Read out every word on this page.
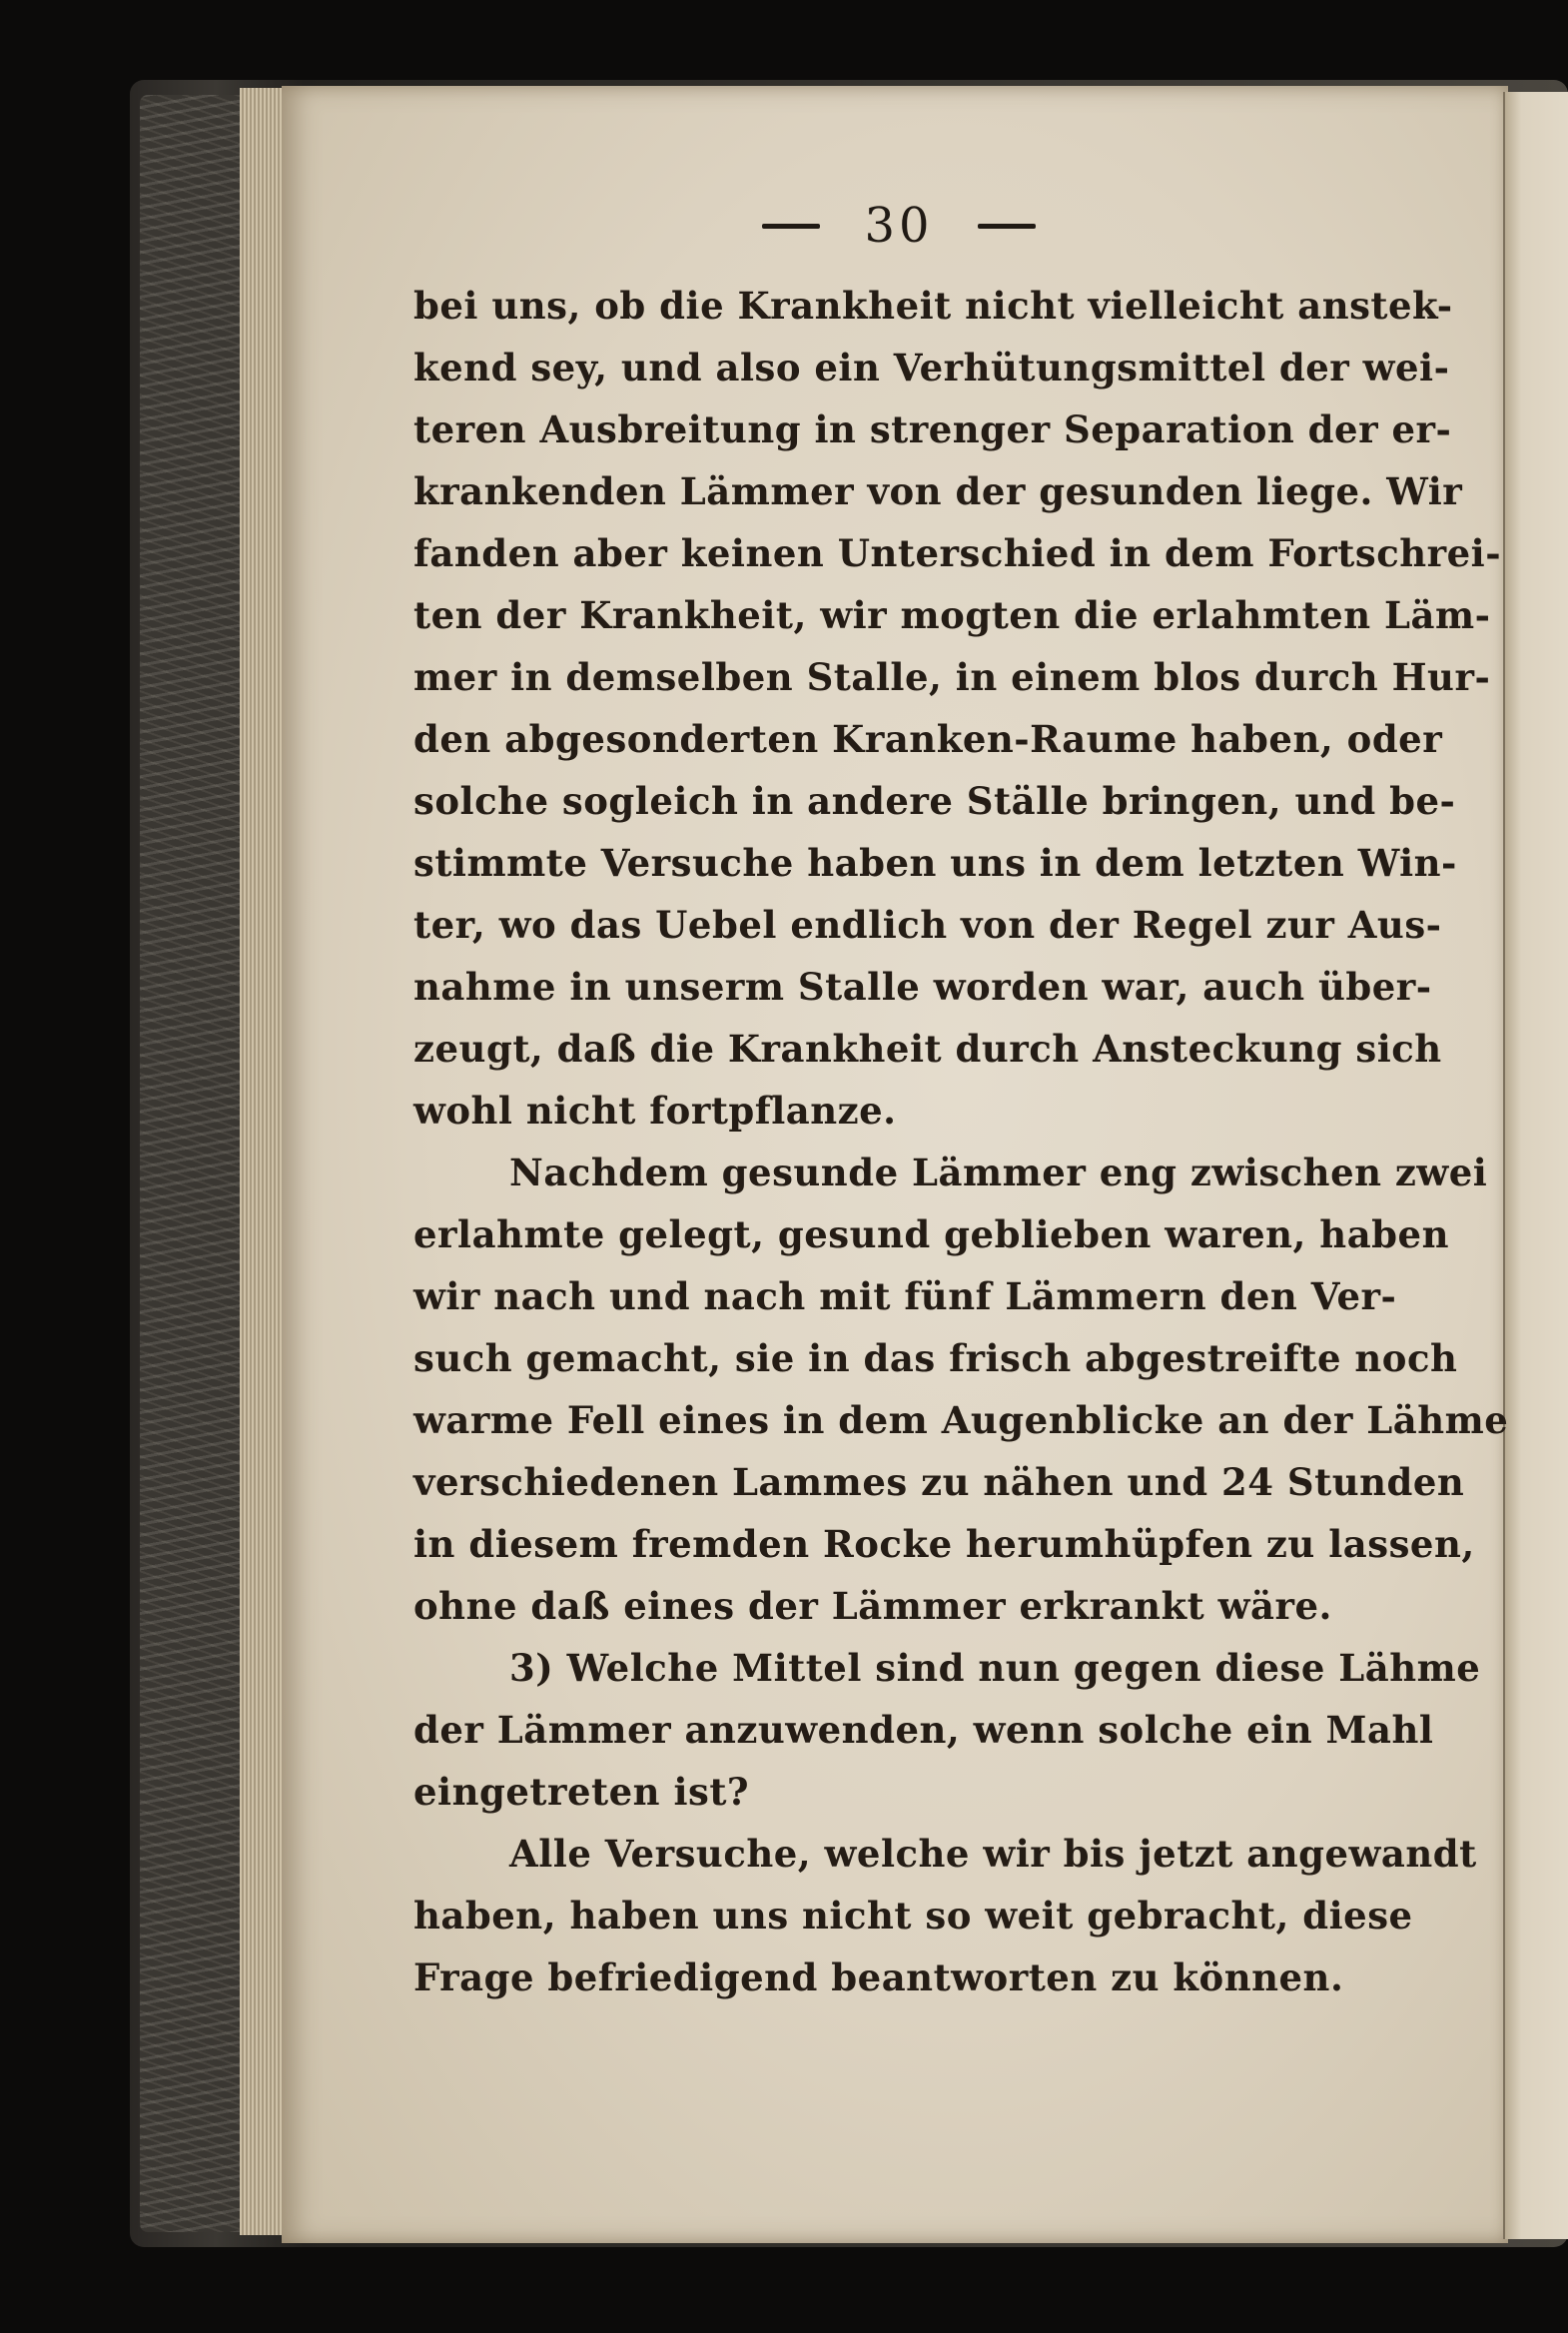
30
bei uns, ob die Krankheit nicht vielleicht anstek-
kend sey, und also ein Verhütungsmittel der wei-
teren Ausbreitung in strenger Separation der er-
krankenden Lämmer von der gesunden liege. Wir
fanden aber keinen Unterschied in dem Fortschrei-
ten der Krankheit, wir mogten die erlahmten Läm-
mer in demselben Stalle, in einem blos durch Hur-
den abgesonderten Kranken-Raume haben, oder
solche sogleich in andere Ställe bringen, und be-
stimmte Versuche haben uns in dem letzten Win-
ter, wo das Uebel endlich von der Regel zur Aus-
nahme in unserm Stalle worden war, auch über-
zeugt, daß die Krankheit durch Ansteckung sich
wohl nicht fortpflanze.
Nachdem gesunde Lämmer eng zwischen zwei
erlahmte gelegt, gesund geblieben waren, haben
wir nach und nach mit fünf Lämmern den Ver-
such gemacht, sie in das frisch abgestreifte noch
warme Fell eines in dem Augenblicke an der Lähme
verschiedenen Lammes zu nähen und 24 Stunden
in diesem fremden Rocke herumhüpfen zu lassen,
ohne daß eines der Lämmer erkrankt wäre.
3) Welche Mittel sind nun gegen diese Lähme
der Lämmer anzuwenden, wenn solche ein Mahl
eingetreten ist?
Alle Versuche, welche wir bis jetzt angewandt
haben, haben uns nicht so weit gebracht, diese
Frage befriedigend beantworten zu können.
